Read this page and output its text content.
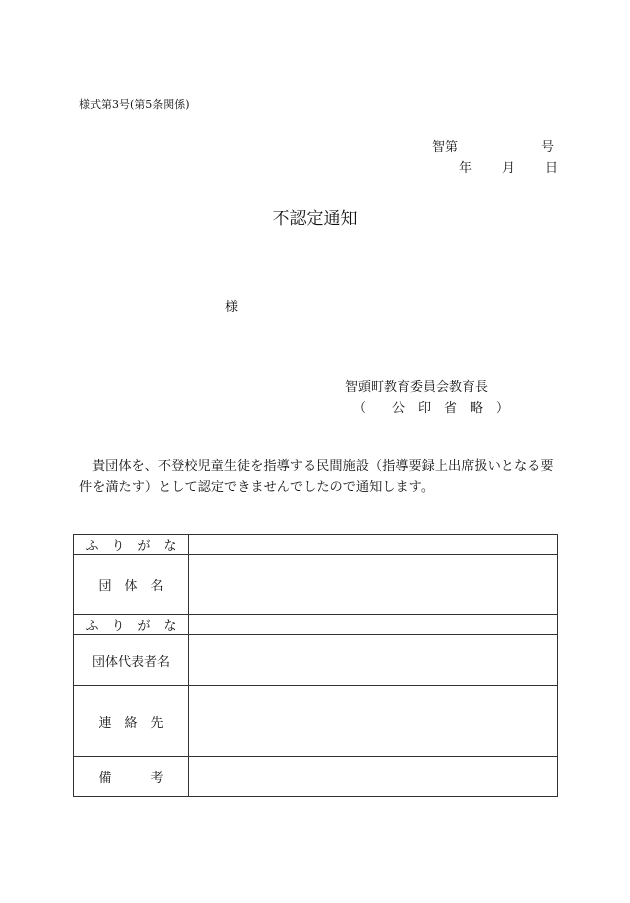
様式第3号(第5条関係)
智第	号
年 月 日
不認定通知
様
智頭町教育委員会教育長
（　　公　印　省　略　）

貴団体を、不登校児童生徒を指導する民間施設（指導要録上出席扱いとなる要件を満たす）として認定できませんでしたので通知します。

ふ　り　が　な	
団　体　名	
ふ　り　が　な	
団体代表者名	
連　絡　先	
備　　　考	
